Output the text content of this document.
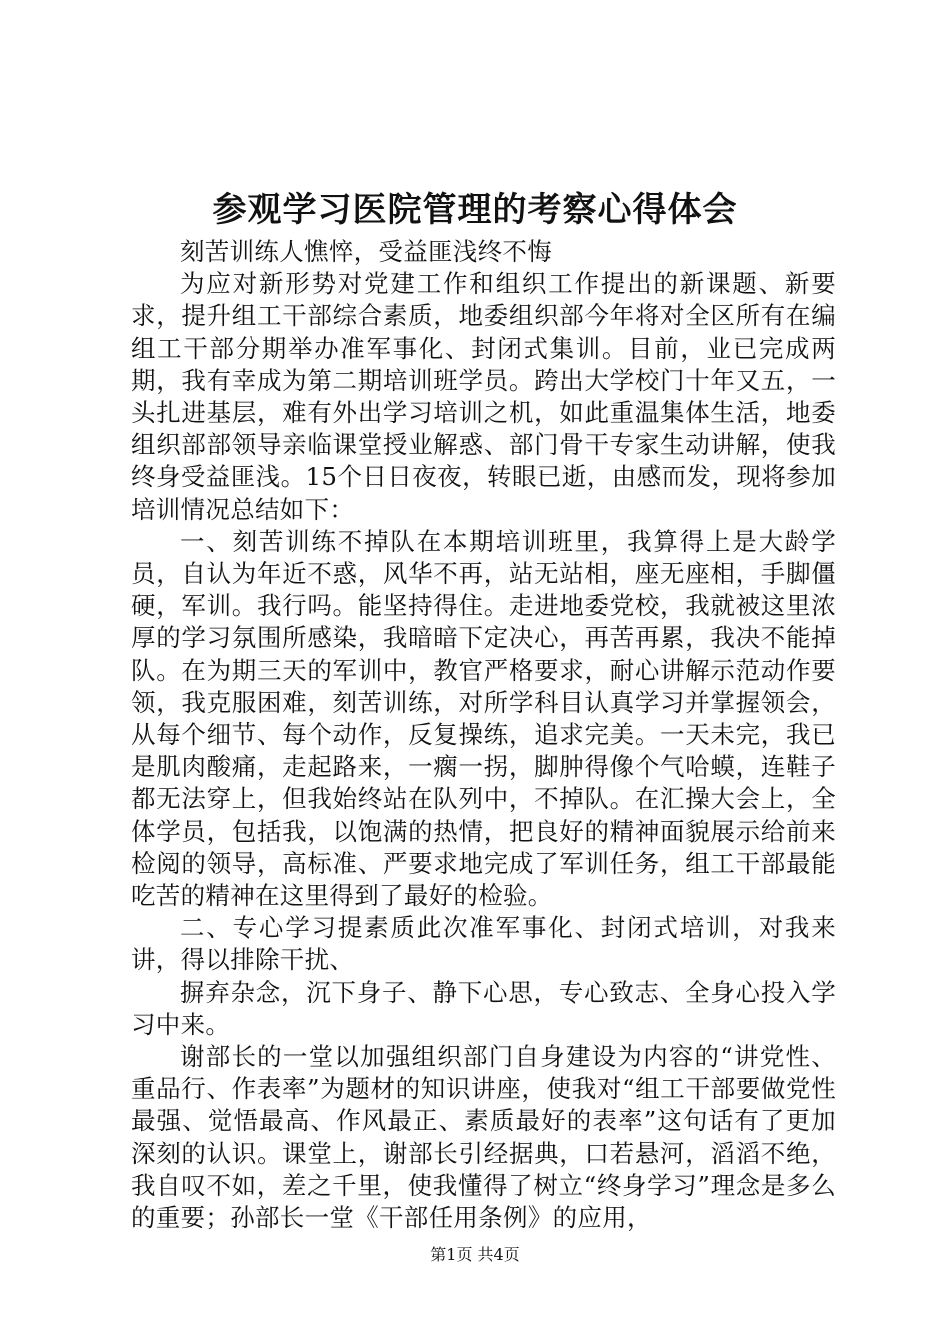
参观学习医院管理的考察心得体会

刻苦训练人憔悴，受益匪浅终不悔

为应对新形势对党建工作和组织工作提出的新课题、新要求，提升组工干部综合素质，地委组织部今年将对全区所有在编组工干部分期举办准军事化、封闭式集训。目前，业已完成两期，我有幸成为第二期培训班学员。跨出大学校门十年又五，一头扎进基层，难有外出学习培训之机，如此重温集体生活，地委组织部部领导亲临课堂授业解惑、部门骨干专家生动讲解，使我终身受益匪浅。15个日日夜夜，转眼已逝，由感而发，现将参加培训情况总结如下：

一、刻苦训练不掉队在本期培训班里，我算得上是大龄学员，自认为年近不惑，风华不再，站无站相，座无座相，手脚僵硬，军训。我行吗。能坚持得住。走进地委党校，我就被这里浓厚的学习氛围所感染，我暗暗下定决心，再苦再累，我决不能掉队。在为期三天的军训中，教官严格要求，耐心讲解示范动作要领，我克服困难，刻苦训练，对所学科目认真学习并掌握领会，从每个细节、每个动作，反复操练，追求完美。一天未完，我已是肌肉酸痛，走起路来，一瘸一拐，脚肿得像个气哈蟆，连鞋子都无法穿上，但我始终站在队列中，不掉队。在汇操大会上，全体学员，包括我，以饱满的热情，把良好的精神面貌展示给前来检阅的领导，高标准、严要求地完成了军训任务，组工干部最能吃苦的精神在这里得到了最好的检验。

二、专心学习提素质此次准军事化、封闭式培训，对我来讲，得以排除干扰、

摒弃杂念，沉下身子、静下心思，专心致志、全身心投入学习中来。

谢部长的一堂以加强组织部门自身建设为内容的“讲党性、重品行、作表率”为题材的知识讲座，使我对“组工干部要做党性最强、觉悟最高、作风最正、素质最好的表率”这句话有了更加深刻的认识。课堂上，谢部长引经据典，口若悬河，滔滔不绝，我自叹不如，差之千里，使我懂得了树立“终身学习”理念是多么的重要；孙部长一堂《干部任用条例》的应用，

第1页 共4页
